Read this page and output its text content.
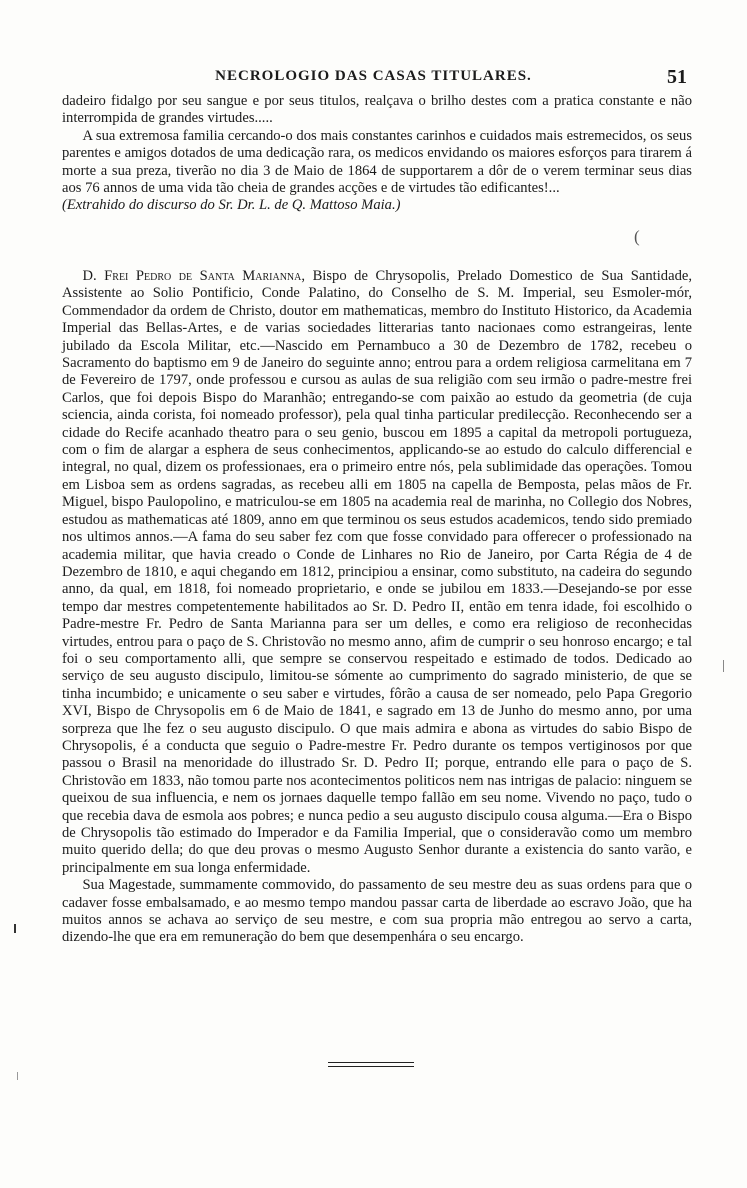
NECROLOGIO DAS CASAS TITULARES.	51

dadeiro fidalgo por seu sangue e por seus titulos, realçava o brilho destes com a pratica constante e não interrompida de grandes virtudes.....

A sua extremosa familia cercando-o dos mais constantes carinhos e cuidados mais estremecidos, os seus parentes e amigos dotados de uma dedicação rara, os medicos envidando os maiores esforços para tirarem á morte a sua preza, tiverão no dia 3 de Maio de 1864 de supportarem a dôr de o verem terminar seus dias aos 76 annos de uma vida tão cheia de grandes acções e de virtudes tão edificantes!...

(Extrahido do discurso do Sr. Dr. L. de Q. Mattoso Maia.)

(

D. Frei Pedro de Santa Marianna, Bispo de Chrysopolis, Prelado Domestico de Sua Santidade, Assistente ao Solio Pontificio, Conde Palatino, do Conselho de S. M. Imperial, seu Esmoler-mór, Commendador da ordem de Christo, doutor em mathematicas, membro do Instituto Historico, da Academia Imperial das Bellas-Artes, e de varias sociedades litterarias tanto nacionaes como estrangeiras, lente jubilado da Escola Militar, etc.—Nascido em Pernambuco a 30 de Dezembro de 1782, recebeu o Sacramento do baptismo em 9 de Janeiro do seguinte anno; entrou para a ordem religiosa carmelitana em 7 de Fevereiro de 1797, onde professou e cursou as aulas de sua religião com seu irmão o padre-mestre frei Carlos, que foi depois Bispo do Maranhão; entregando-se com paixão ao estudo da geometria (de cuja sciencia, ainda corista, foi nomeado professor), pela qual tinha particular predilecção. Reconhecendo ser a cidade do Recife acanhado theatro para o seu genio, buscou em 1895 a capital da metropoli portugueza, com o fim de alargar a esphera de seus conhecimentos, applicando-se ao estudo do calculo differencial e integral, no qual, dizem os professionaes, era o primeiro entre nós, pela sublimidade das operações. Tomou em Lisboa sem as ordens sagradas, as recebeu alli em 1805 na capella de Bemposta, pelas mãos de Fr. Miguel, bispo Paulopolino, e matriculou-se em 1805 na academia real de marinha, no Collegio dos Nobres, estudou as mathematicas até 1809, anno em que terminou os seus estudos academicos, tendo sido premiado nos ultimos annos.—A fama do seu saber fez com que fosse convidado para offerecer o professionado na academia militar, que havia creado o Conde de Linhares no Rio de Janeiro, por Carta Régia de 4 de Dezembro de 1810, e aqui chegando em 1812, principiou a ensinar, como substituto, na cadeira do segundo anno, da qual, em 1818, foi nomeado proprietario, e onde se jubilou em 1833.—Desejando-se por esse tempo dar mestres competentemente habilitados ao Sr. D. Pedro II, então em tenra idade, foi escolhido o Padre-mestre Fr. Pedro de Santa Marianna para ser um delles, e como era religioso de reconhecidas virtudes, entrou para o paço de S. Christovão no mesmo anno, afim de cumprir o seu honroso encargo; e tal foi o seu comportamento alli, que sempre se conservou respeitado e estimado de todos. Dedicado ao serviço de seu augusto discipulo, limitou-se sómente ao cumprimento do sagrado ministerio, de que se tinha incumbido; e unicamente o seu saber e virtudes, fôrão a causa de ser nomeado, pelo Papa Gregorio XVI, Bispo de Chrysopolis em 6 de Maio de 1841, e sagrado em 13 de Junho do mesmo anno, por uma sorpreza que lhe fez o seu augusto discipulo. O que mais admira e abona as virtudes do sabio Bispo de Chrysopolis, é a conducta que seguio o Padre-mestre Fr. Pedro durante os tempos vertiginosos por que passou o Brasil na menoridade do illustrado Sr. D. Pedro II; porque, entrando elle para o paço de S. Christovão em 1833, não tomou parte nos acontecimentos politicos nem nas intrigas de palacio: ninguem se queixou de sua influencia, e nem os jornaes daquelle tempo fallão em seu nome. Vivendo no paço, tudo o que recebia dava de esmola aos pobres; e nunca pedio a seu augusto discipulo cousa alguma.—Era o Bispo de Chrysopolis tão estimado do Imperador e da Familia Imperial, que o consideravão como um membro muito querido della; do que deu provas o mesmo Augusto Senhor durante a existencia do santo varão, e principalmente em sua longa enfermidade.

Sua Magestade, summamente commovido, do passamento de seu mestre deu as suas ordens para que o cadaver fosse embalsamado, e ao mesmo tempo mandou passar carta de liberdade ao escravo João, que ha muitos annos se achava ao serviço de seu mestre, e com sua propria mão entregou ao servo a carta, dizendo-lhe que era em remuneração do bem que desempenhára o seu encargo.
